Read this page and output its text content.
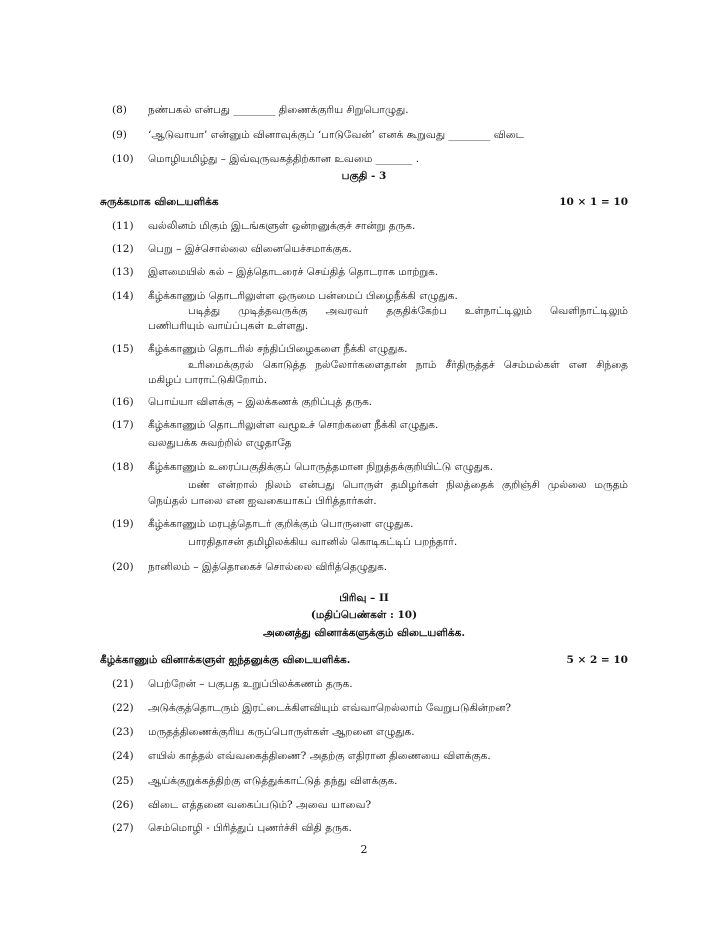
(8)	நண்பகல் என்பது ________ திணைக்குரிய சிறுபொழுது.
(9)	‘ஆடுவாயா’ என்னும் வினாவுக்குப் ‘பாடுவேன்’ எனக் கூறுவது ________ விடை
(10)	மொழியமிழ்து – இவ்வுருவகத்திற்கான உவமை _______ .
பகுதி - 3
சுருக்கமாக விடையளிக்க	10 × 1 = 10
(11)	வல்லினம் மிகும் இடங்களுள் ஒன்றனுக்குச் சான்று தருக.
(12)	பெறு – இச்சொல்லை வினையெச்சமாக்குக.
(13)	இளமையில் கல் – இத்தொடரைச் செய்தித் தொடராக மாற்றுக.
(14)	கீழ்க்காணும் தொடரிலுள்ள ஒருமை பன்மைப் பிழைநீக்கி எழுதுக.
படித்து முடித்தவருக்கு அவரவர் தகுதிக்கேற்ப உள்நாட்டிலும் வெளிநாட்டிலும்
பணிபரியும் வாய்ப்புகள் உள்ளது.
(15)	கீழ்க்காணும் தொடரில் சந்திப்பிழைகளை நீக்கி எழுதுக.
உரிமைக்குரல் கொடுத்த நல்லோர்களைதான் நாம் சீர்திருத்தச் செம்மல்கள் என சிந்தை
மகிழப் பாராட்டுகிறோம்.
(16)	பொய்யா விளக்கு – இலக்கணக் குறிப்புத் தருக.
(17)	கீழ்க்காணும் தொடரிலுள்ள வழூஉச் சொற்களை நீக்கி எழுதுக.
வலதுபக்க சுவற்றில் எழுதாதே
(18)	கீழ்க்காணும் உரைப்பகுதிக்குப் பொருத்தமான நிறுத்தக்குறியிட்டு எழுதுக.
மண் என்றால் நிலம் என்பது பொருள் தமிழர்கள் நிலத்தைக் குறிஞ்சி முல்லை மருதம்
நெய்தல் பாலை என ஐவகையாகப் பிரித்தார்கள்.
(19)	கீழ்க்காணும் மரபுத்தொடர் குறிக்கும் பொருளை எழுதுக.
பாரதிதாசன் தமிழிலக்கிய வானில் கொடிகட்டிப் பறந்தார்.
(20)	நானிலம் – இத்தொகைச் சொல்லை விரித்தெழுதுக.
பிரிவு – II
(மதிப்பெண்கள் : 10)
அனைத்து வினாக்களுக்கும் விடையளிக்க.
கீழ்க்காணும் வினாக்களுள் ஐந்தனுக்கு விடையளிக்க.	5 × 2 = 10
(21)	பெற்றேன் – பகுபத உறுப்பிலக்கணம் தருக.
(22)	அடுக்குத்தொடரும் இரட்டைக்கிளவியும் எவ்வாறெல்லாம் வேறுபடுகின்றன?
(23)	மருதத்திணைக்குரிய கருப்பொருள்கள் ஆறனை எழுதுக.
(24)	எயில் காத்தல் எவ்வகைத்திணை? அதற்கு எதிரான திணையை விளக்குக.
(25)	ஆய்க்குறுக்கத்திற்கு எடுத்துக்காட்டுத் தந்து விளக்குக.
(26)	விடை எத்தனை வகைப்படும்? அவை யாவை?
(27)	செம்மொழி - பிரித்துப் புணர்ச்சி விதி தருக.
2
